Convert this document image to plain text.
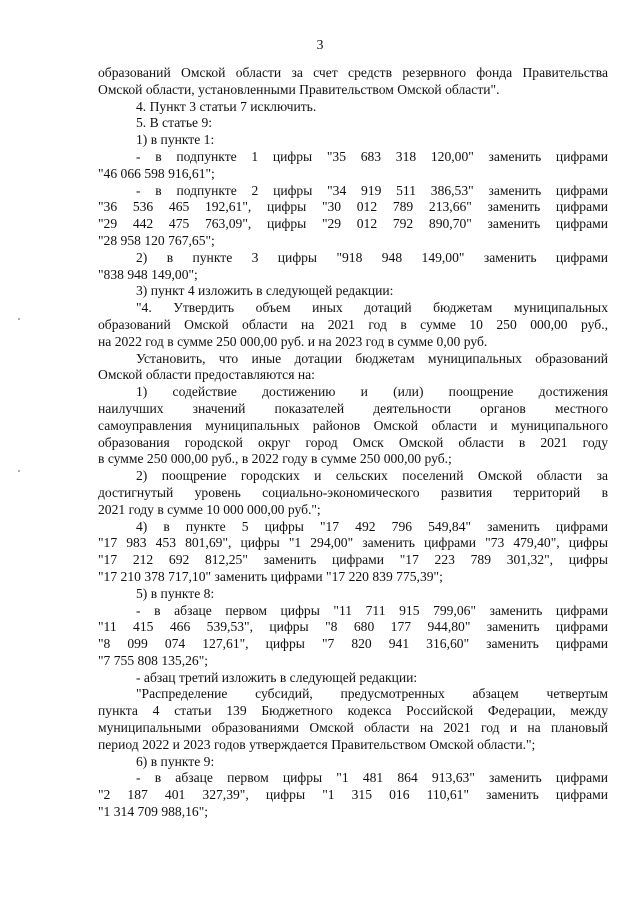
3
образований Омской области за счет средств резервного фонда Правительства
Омской области, установленными Правительством Омской области".
4. Пункт 3 статьи 7 исключить.
5. В статье 9:
1) в пункте 1:
- в подпункте 1 цифры "35 683 318 120,00" заменить цифрами
"46 066 598 916,61";
- в подпункте 2 цифры "34 919 511 386,53" заменить цифрами
"36 536 465 192,61", цифры "30 012 789 213,66" заменить цифрами
"29 442 475 763,09", цифры "29 012 792 890,70" заменить цифрами
"28 958 120 767,65";
2) в пункте 3 цифры "918 948 149,00" заменить цифрами
"838 948 149,00";
3) пункт 4 изложить в следующей редакции:
"4. Утвердить объем иных дотаций бюджетам муниципальных
образований Омской области на 2021 год в сумме 10 250 000,00 руб.,
на 2022 год в сумме 250 000,00 руб. и на 2023 год в сумме 0,00 руб.
Установить, что иные дотации бюджетам муниципальных образований
Омской области предоставляются на:
1) содействие достижению и (или) поощрение достижения
наилучших значений показателей деятельности органов местного
самоуправления муниципальных районов Омской области и муниципального
образования городской округ город Омск Омской области в 2021 году
в сумме 250 000,00 руб., в 2022 году в сумме 250 000,00 руб.;
2) поощрение городских и сельских поселений Омской области за
достигнутый уровень социально-экономического развития территорий в
2021 году в сумме 10 000 000,00 руб.";
4) в пункте 5 цифры "17 492 796 549,84" заменить цифрами
"17 983 453 801,69", цифры "1 294,00" заменить цифрами "73 479,40", цифры
"17 212 692 812,25" заменить цифрами "17 223 789 301,32", цифры
"17 210 378 717,10" заменить цифрами "17 220 839 775,39";
5) в пункте 8:
- в абзаце первом цифры "11 711 915 799,06" заменить цифрами
"11 415 466 539,53", цифры "8 680 177 944,80" заменить цифрами
"8 099 074 127,61", цифры "7 820 941 316,60" заменить цифрами
"7 755 808 135,26";
- абзац третий изложить в следующей редакции:
"Распределение субсидий, предусмотренных абзацем четвертым
пункта 4 статьи 139 Бюджетного кодекса Российской Федерации, между
муниципальными образованиями Омской области на 2021 год и на плановый
период 2022 и 2023 годов утверждается Правительством Омской области.";
6) в пункте 9:
- в абзаце первом цифры "1 481 864 913,63" заменить цифрами
"2 187 401 327,39", цифры "1 315 016 110,61" заменить цифрами
"1 314 709 988,16";
